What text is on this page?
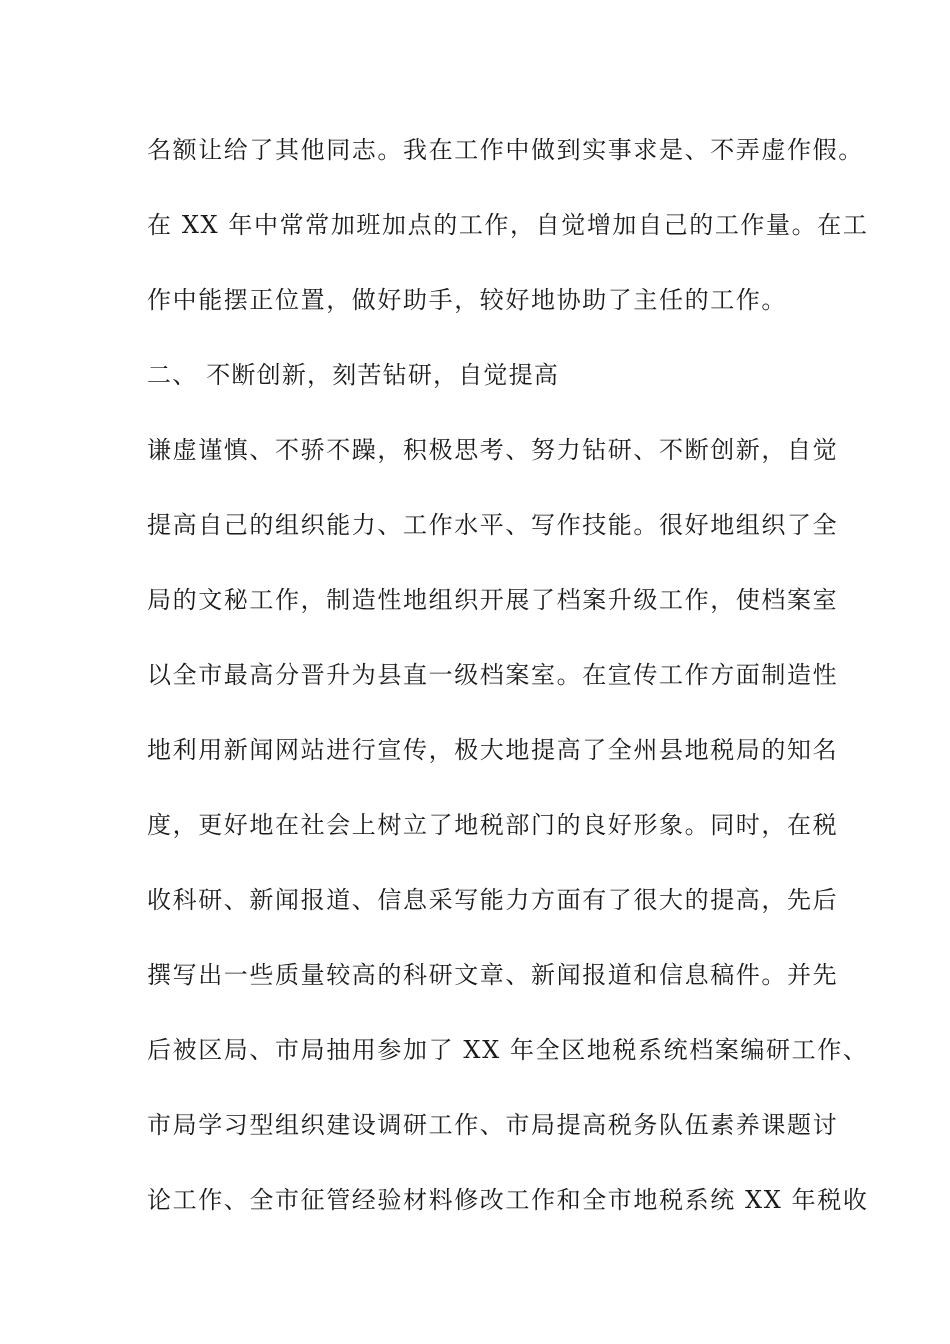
名额让给了其他同志。我在工作中做到实事求是、不弄虚作假。
在 XX 年中常常加班加点的工作，自觉增加自己的工作量。在工
作中能摆正位置，做好助手，较好地协助了主任的工作。
二、 不断创新，刻苦钻研，自觉提高
谦虚谨慎、不骄不躁，积极思考、努力钻研、不断创新，自觉
提高自己的组织能力、工作水平、写作技能。很好地组织了全
局的文秘工作，制造性地组织开展了档案升级工作，使档案室
以全市最高分晋升为县直一级档案室。在宣传工作方面制造性
地利用新闻网站进行宣传，极大地提高了全州县地税局的知名
度，更好地在社会上树立了地税部门的良好形象。同时，在税
收科研、新闻报道、信息采写能力方面有了很大的提高，先后
撰写出一些质量较高的科研文章、新闻报道和信息稿件。并先
后被区局、市局抽用参加了 XX 年全区地税系统档案编研工作、
市局学习型组织建设调研工作、市局提高税务队伍素养课题讨
论工作、全市征管经验材料修改工作和全市地税系统 XX 年税收
